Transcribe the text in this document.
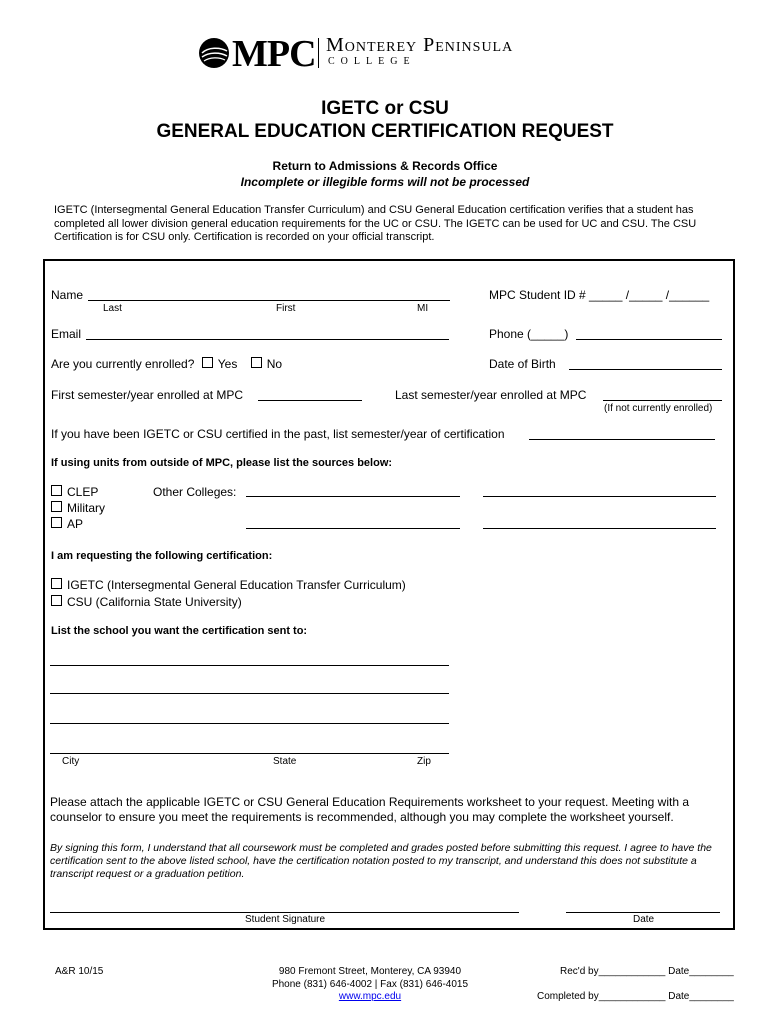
MPC Monterey Peninsula
COLLEGE
IGETC or CSU
GENERAL EDUCATION CERTIFICATION REQUEST
Return to Admissions & Records Office
Incomplete or illegible forms will not be processed
IGETC (Intersegmental General Education Transfer Curriculum) and CSU General Education certification verifies that a student has completed all lower division general education requirements for the UC or CSU. The IGETC can be used for UC and CSU. The CSU Certification is for CSU only. Certification is recorded on your official transcript.
Name
Last	First	MI
MPC Student ID # _____ /_____ /______
Email	Phone (_____)
Are you currently enrolled? Yes No	Date of Birth
First semester/year enrolled at MPC	Last semester/year enrolled at MPC
(If not currently enrolled)
If you have been IGETC or CSU certified in the past, list semester/year of certification
If using units from outside of MPC, please list the sources below:
CLEP
Military
AP
Other Colleges:
I am requesting the following certification:
IGETC (Intersegmental General Education Transfer Curriculum)
CSU (California State University)
List the school you want the certification sent to:
City	State	Zip
Please attach the applicable IGETC or CSU General Education Requirements worksheet to your request. Meeting with a counselor to ensure you meet the requirements is recommended, although you may complete the worksheet yourself.
By signing this form, I understand that all coursework must be completed and grades posted before submitting this request. I agree to have the certification sent to the above listed school, have the certification notation posted to my transcript, and understand this does not substitute a transcript request or a graduation petition.
Student Signature	Date
A&R 10/15	980 Fremont Street, Monterey, CA 93940
Phone (831) 646-4002 | Fax (831) 646-4015
www.mpc.edu
Rec'd by____________ Date________
Completed by____________ Date________
